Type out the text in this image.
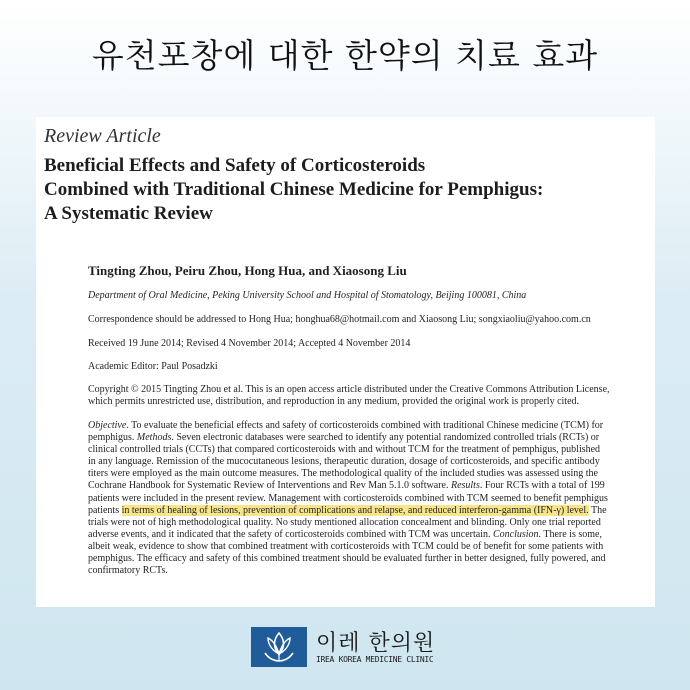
유천포창에 대한 한약의 치료 효과
Review Article
Beneficial Effects and Safety of Corticosteroids
Combined with Traditional Chinese Medicine for Pemphigus:
A Systematic Review
Tingting Zhou, Peiru Zhou, Hong Hua, and Xiaosong Liu
Department of Oral Medicine, Peking University School and Hospital of Stomatology, Beijing 100081, China
Correspondence should be addressed to Hong Hua; honghua68@hotmail.com and Xiaosong Liu; songxiaoliu@yahoo.com.cn
Received 19 June 2014; Revised 4 November 2014; Accepted 4 November 2014
Academic Editor: Paul Posadzki
Copyright © 2015 Tingting Zhou et al. This is an open access article distributed under the Creative Commons Attribution License,
which permits unrestricted use, distribution, and reproduction in any medium, provided the original work is properly cited.
Objective. To evaluate the beneficial effects and safety of corticosteroids combined with traditional Chinese medicine (TCM) for
pemphigus. Methods. Seven electronic databases were searched to identify any potential randomized controlled trials (RCTs) or
clinical controlled trials (CCTs) that compared corticosteroids with and without TCM for the treatment of pemphigus, published
in any language. Remission of the mucocutaneous lesions, therapeutic duration, dosage of corticosteroids, and specific antibody
titers were employed as the main outcome measures. The methodological quality of the included studies was assessed using the
Cochrane Handbook for Systematic Review of Interventions and Rev Man 5.1.0 software. Results. Four RCTs with a total of 199
patients were included in the present review. Management with corticosteroids combined with TCM seemed to benefit pemphigus
patients in terms of healing of lesions, prevention of complications and relapse, and reduced interferon-gamma (IFN-γ) level. The
trials were not of high methodological quality. No study mentioned allocation concealment and blinding. Only one trial reported
adverse events, and it indicated that the safety of corticosteroids combined with TCM was uncertain. Conclusion. There is some,
albeit weak, evidence to show that combined treatment with corticosteroids with TCM could be of benefit for some patients with
pemphigus. The efficacy and safety of this combined treatment should be evaluated further in better designed, fully powered, and
confirmatory RCTs.
이레 한의원
IREA KOREA MEDICINE CLINIC
